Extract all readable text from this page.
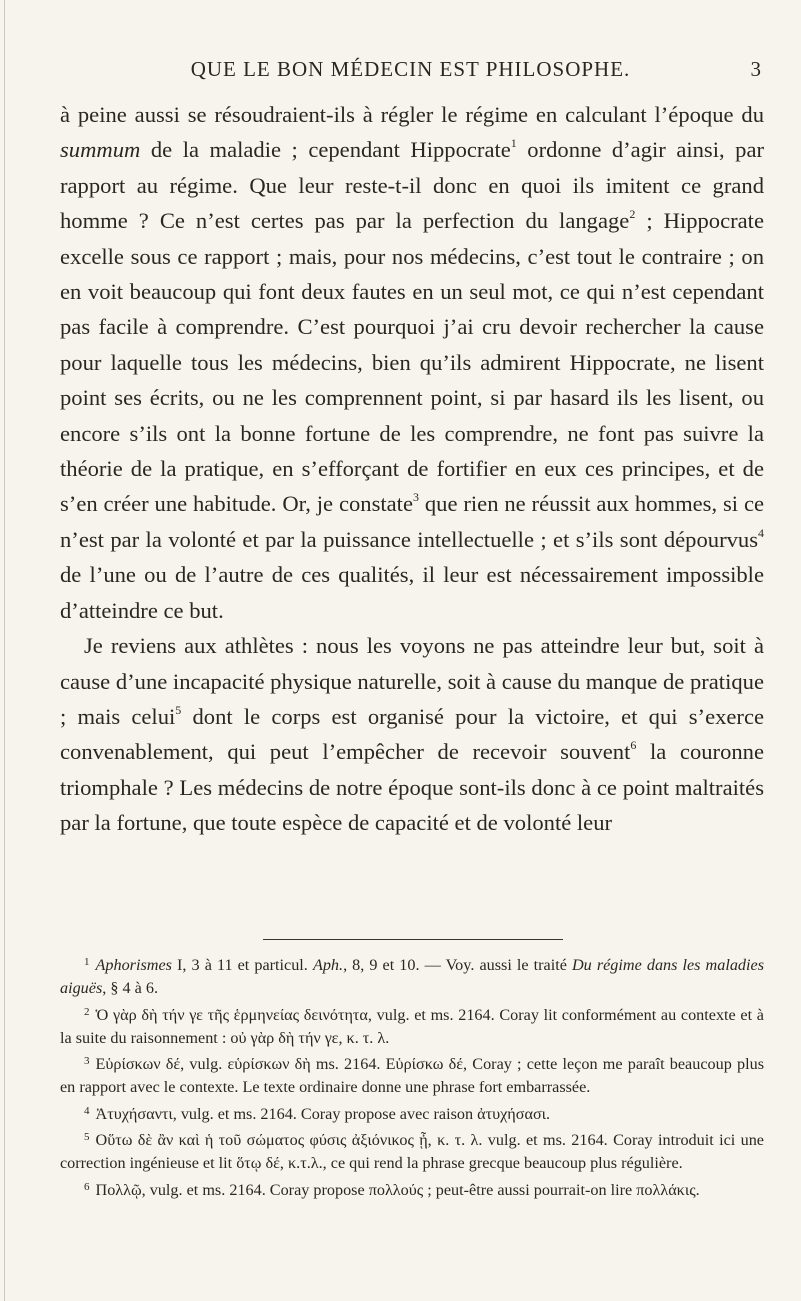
QUE LE BON MÉDECIN EST PHILOSOPHE.	3

à peine aussi se résoudraient-ils à régler le régime en calculant l’époque du summum de la maladie ; cependant Hippocrate$^1$ ordonne d’agir ainsi, par rapport au régime. Que leur reste-t-il donc en quoi ils imitent ce grand homme ? Ce n’est certes pas par la perfection du langage$^2$ ; Hippocrate excelle sous ce rapport ; mais, pour nos médecins, c’est tout le contraire ; on en voit beaucoup qui font deux fautes en un seul mot, ce qui n’est cependant pas facile à comprendre. C’est pourquoi j’ai cru devoir rechercher la cause pour laquelle tous les médecins, bien qu’ils admirent Hippocrate, ne lisent point ses écrits, ou ne les comprennent point, si par hasard ils les lisent, ou encore s’ils ont la bonne fortune de les comprendre, ne font pas suivre la théorie de la pratique, en s’efforçant de fortifier en eux ces principes, et de s’en créer une habitude. Or, je constate$^3$ que rien ne réussit aux hommes, si ce n’est par la volonté et par la puissance intellectuelle ; et s’ils sont dépourvus$^4$ de l’une ou de l’autre de ces qualités, il leur est nécessairement impossible d’atteindre ce but.

Je reviens aux athlètes : nous les voyons ne pas atteindre leur but, soit à cause d’une incapacité physique naturelle, soit à cause du manque de pratique ; mais celui$^5$ dont le corps est organisé pour la victoire, et qui s’exerce convenablement, qui peut l’empêcher de recevoir souvent$^6$ la couronne triomphale ? Les médecins de notre époque sont-ils donc à ce point maltraités par la fortune, que toute espèce de capacité et de volonté leur

$^1$ Aphorismes I, 3 à 11 et particul. Aph., 8, 9 et 10. — Voy. aussi le traité Du régime dans les maladies aiguës, § 4 à 6.

$^2$ Ὁ γὰρ δὴ τήν γε τῆς ἑρμηνείας δεινότητα, vulg. et ms. 2164. Coray lit conformément au contexte et à la suite du raisonnement : οὐ γὰρ δὴ τήν γε, κ. τ. λ.

$^3$ Εὑρίσκων δέ, vulg. εὑρίσκων δὴ ms. 2164. Εὑρίσκω δέ, Coray ; cette leçon me paraît beaucoup plus en rapport avec le contexte. Le texte ordinaire donne une phrase fort embarrassée.

$^4$ Ἀτυχήσαντι, vulg. et ms. 2164. Coray propose avec raison ἀτυχήσασι.

$^5$ Οὕτω δὲ ἂν καὶ ἡ τοῦ σώματος φύσις ἀξιόνικος ᾖ, κ. τ. λ. vulg. et ms. 2164. Coray introduit ici une correction ingénieuse et lit ὅτῳ δέ, κ.τ.λ., ce qui rend la phrase grecque beaucoup plus régulière.

$^6$ Πολλῷ, vulg. et ms. 2164. Coray propose πολλούς ; peut-être aussi pourrait-on lire πολλάκις.
